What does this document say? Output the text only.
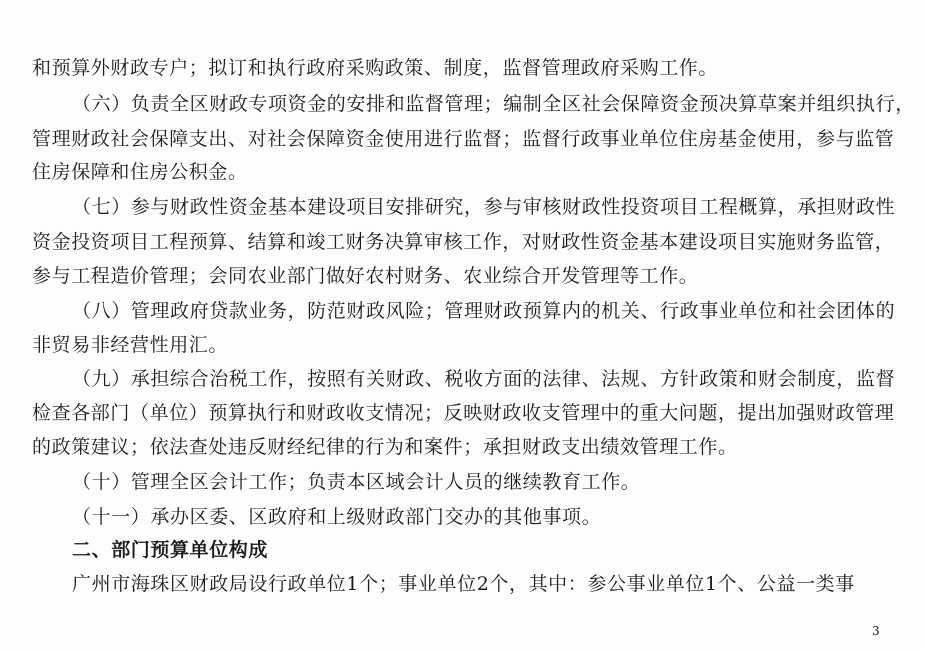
和预算外财政专户；拟订和执行政府采购政策、制度，监督管理政府采购工作。
（六）负责全区财政专项资金的安排和监督管理；编制全区社会保障资金预决算草案并组织执行，
管理财政社会保障支出、对社会保障资金使用进行监督；监督行政事业单位住房基金使用，参与监管
住房保障和住房公积金。
（七）参与财政性资金基本建设项目安排研究，参与审核财政性投资项目工程概算，承担财政性
资金投资项目工程预算、结算和竣工财务决算审核工作，对财政性资金基本建设项目实施财务监管，
参与工程造价管理；会同农业部门做好农村财务、农业综合开发管理等工作。
（八）管理政府贷款业务，防范财政风险；管理财政预算内的机关、行政事业单位和社会团体的
非贸易非经营性用汇。
（九）承担综合治税工作，按照有关财政、税收方面的法律、法规、方针政策和财会制度，监督
检查各部门（单位）预算执行和财政收支情况；反映财政收支管理中的重大问题，提出加强财政管理
的政策建议；依法查处违反财经纪律的行为和案件；承担财政支出绩效管理工作。
（十）管理全区会计工作；负责本区域会计人员的继续教育工作。
（十一）承办区委、区政府和上级财政部门交办的其他事项。
二、部门预算单位构成
广州市海珠区财政局设行政单位1个；事业单位2个，其中：参公事业单位1个、公益一类事
3
